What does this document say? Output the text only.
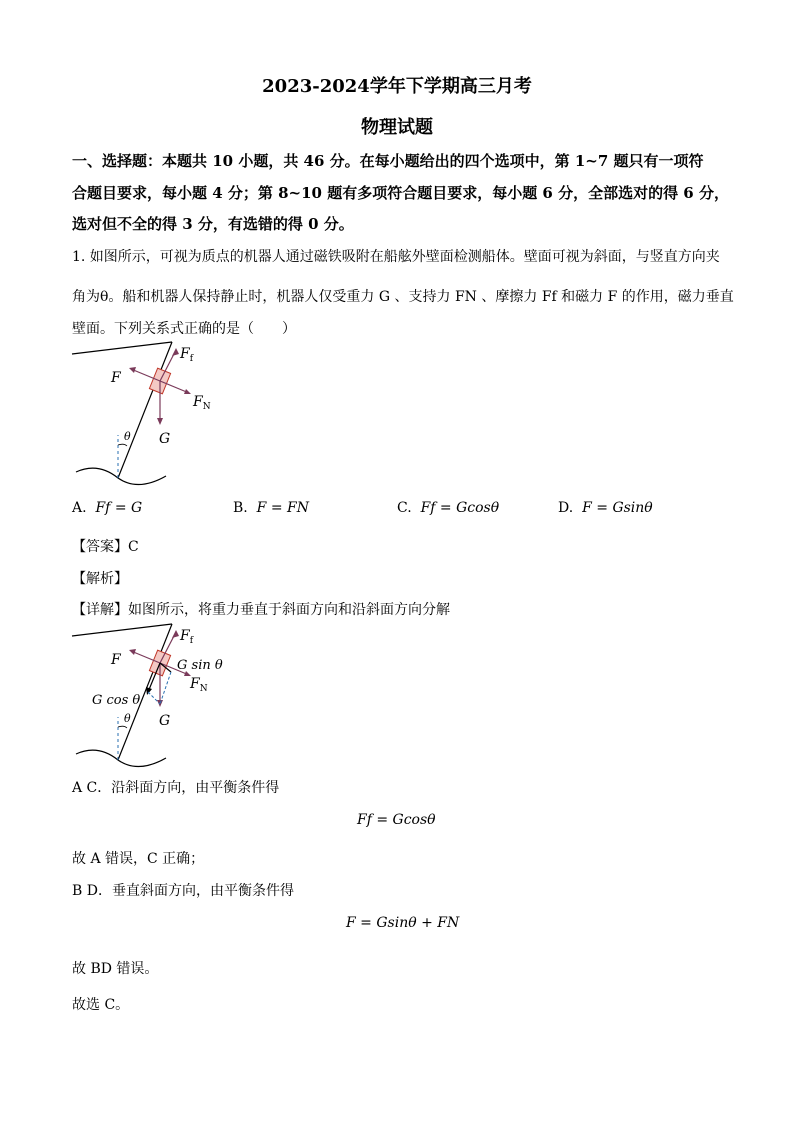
2023-2024学年下学期高三月考
物理试题
一、选择题：本题共 10 小题，共 46 分。在每小题给出的四个选项中，第 1~7 题只有一项符
合题目要求，每小题 4 分；第 8~10 题有多项符合题目要求，每小题 6 分，全部选对的得 6 分，
选对但不全的得 3 分，有选错的得 0 分。
1. 如图所示，可视为质点的机器人通过磁铁吸附在船舷外壁面检测船体。壁面可视为斜面，与竖直方向夹
角为θ。船和机器人保持静止时，机器人仅受重力 G 、支持力 FN 、摩擦力 Ff 和磁力 F 的作用，磁力垂直
壁面。下列关系式正确的是（　　）
θ
$F_f$
F
$F_N$
G
A. Ff = G	B. F = FN	C. Ff = Gcosθ	D. F = Gsinθ
【答案】C
【解析】
【详解】如图所示，将重力垂直于斜面方向和沿斜面方向分解
θ
$F_f$
F	G sin θ
$F_N$
G cos θ
G
A C．沿斜面方向，由平衡条件得
Ff = Gcosθ
故 A 错误，C 正确；
B D．垂直斜面方向，由平衡条件得
F = Gsinθ + FN
故 BD 错误。
故选 C。
